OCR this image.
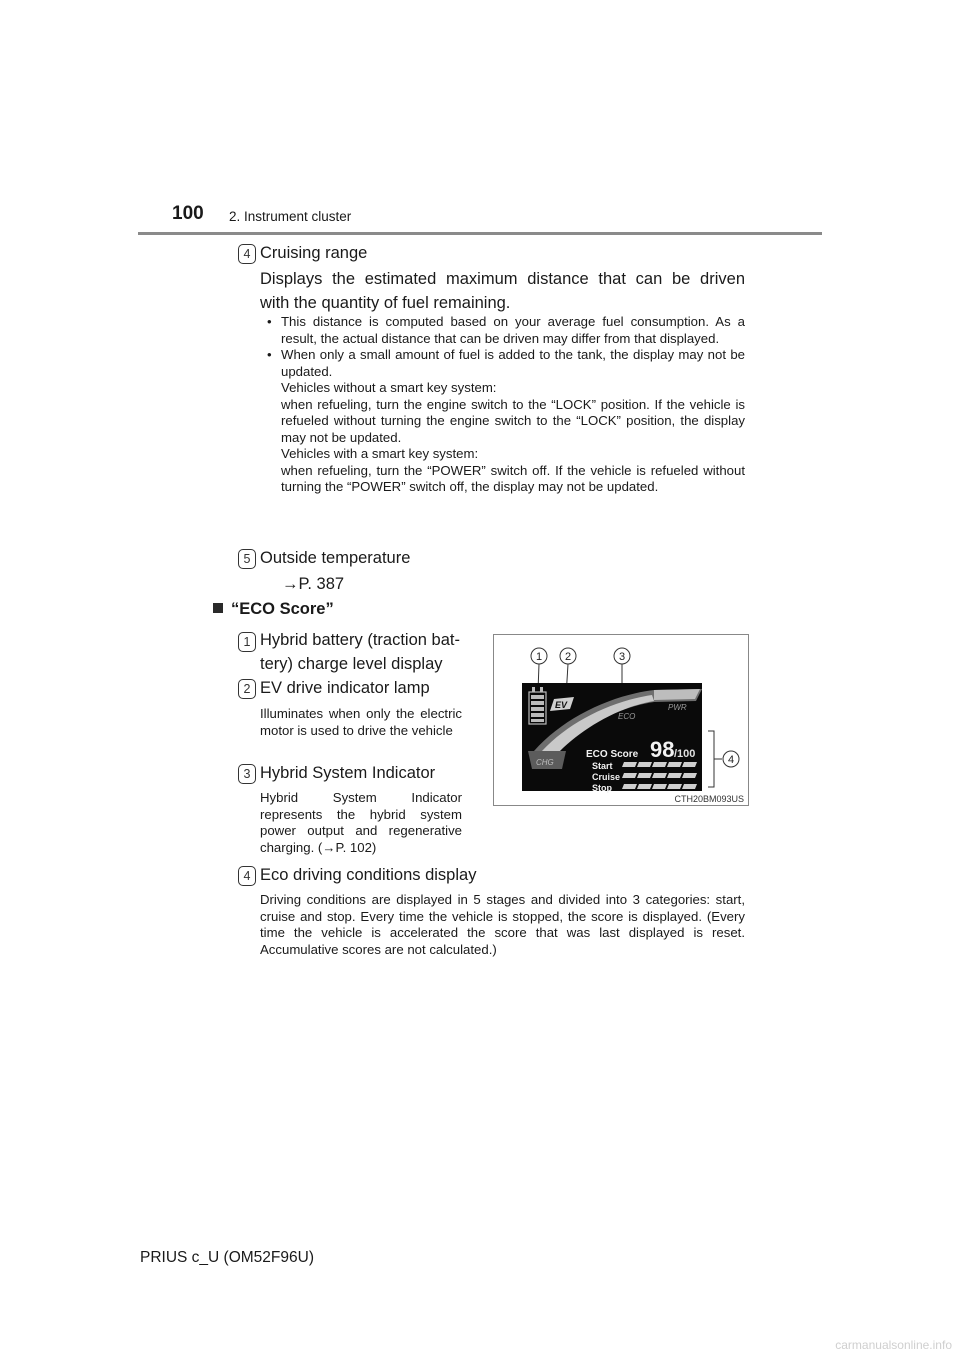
100 2. Instrument cluster
4 Cruising range
Displays the estimated maximum distance that can be driven
with the quantity of fuel remaining.
• This distance is computed based on your average fuel consumption. As a result, the actual distance that can be driven may differ from that displayed.
• When only a small amount of fuel is added to the tank, the display may not be updated.

Vehicles without a smart key system:

when refueling, turn the engine switch to the “LOCK” position. If the vehicle is refueled without turning the engine switch to the “LOCK” position, the display may not be updated.

Vehicles with a smart key system:

when refueling, turn the “POWER” switch off. If the vehicle is refueled without turning the “POWER” switch off, the display may not be updated.

5 Outside temperature
→P. 387
“ECO Score”
1 Hybrid battery (traction bat-
tery) charge level display
2 EV drive indicator lamp
Illuminates when only the electric motor is used to drive the vehicle
3 Hybrid System Indicator
Hybrid System Indicator represents the hybrid system power output and regenerative charging. (→P. 102)
4 Eco driving conditions display
Driving conditions are displayed in 5 stages and divided into 3 categories: start, cruise and stop. Every time the vehicle is stopped, the score is displayed. (Every time the vehicle is accelerated the score that was last displayed is reset. Accumulative scores are not calculated.)
1 2	3
4
EV
ECO
PWR
CHG
ECO Score 98 /100
Start
Cruise
Stop
CTH20BM093US
PRIUS c_U (OM52F96U)
carmanualsonline.info
